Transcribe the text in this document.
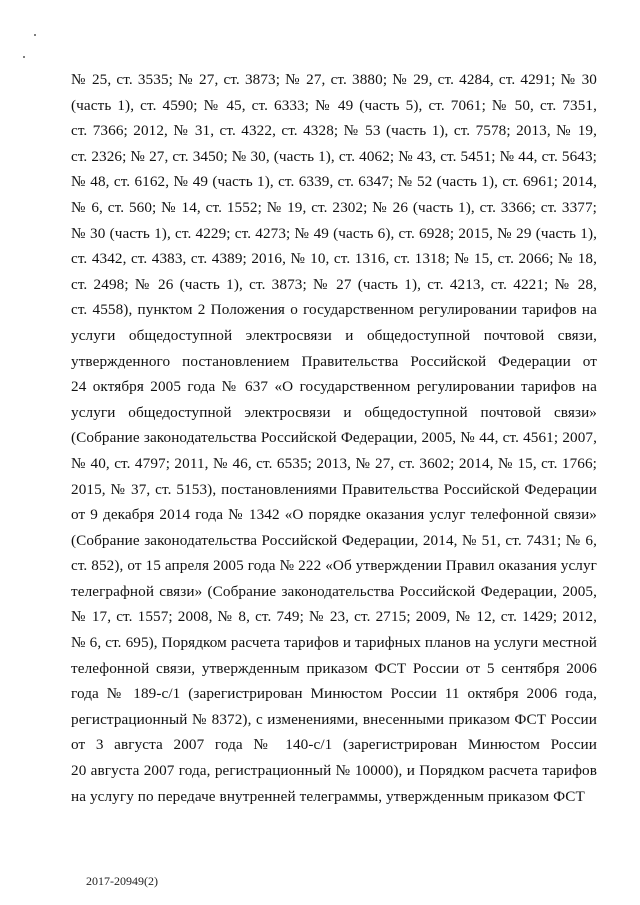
№ 25, ст. 3535; № 27, ст. 3873; № 27, ст. 3880; № 29, ст. 4284, ст. 4291; № 30
(часть 1), ст. 4590; № 45, ст. 6333; № 49 (часть 5), ст. 7061; № 50, ст. 7351,
ст. 7366; 2012, № 31, ст. 4322, ст. 4328; № 53 (часть 1), ст. 7578; 2013, № 19,
ст. 2326; № 27, ст. 3450; № 30, (часть 1), ст. 4062; № 43, ст. 5451; № 44, ст. 5643;
№ 48, ст. 6162, № 49 (часть 1), ст. 6339, ст. 6347; № 52 (часть 1), ст. 6961; 2014,
№ 6, ст. 560; № 14, ст. 1552; № 19, ст. 2302; № 26 (часть 1), ст. 3366; ст. 3377;
№ 30 (часть 1), ст. 4229; ст. 4273; № 49 (часть 6), ст. 6928; 2015, № 29 (часть 1),
ст. 4342, ст. 4383, ст. 4389; 2016, № 10, ст. 1316, ст. 1318; № 15, ст. 2066; № 18,
ст. 2498; № 26 (часть 1), ст. 3873; № 27 (часть 1), ст. 4213, ст. 4221; № 28,
ст. 4558), пунктом 2 Положения о государственном регулировании тарифов на
услуги общедоступной электросвязи и общедоступной почтовой связи,
утвержденного постановлением Правительства Российской Федерации от
24 октября 2005 года № 637 «О государственном регулировании тарифов на
услуги общедоступной электросвязи и общедоступной почтовой связи»
(Собрание законодательства Российской Федерации, 2005, № 44, ст. 4561; 2007,
№ 40, ст. 4797; 2011, № 46, ст. 6535; 2013, № 27, ст. 3602; 2014, № 15, ст. 1766;
2015, № 37, ст. 5153), постановлениями Правительства Российской Федерации
от 9 декабря 2014 года № 1342 «О порядке оказания услуг телефонной связи»
(Собрание законодательства Российской Федерации, 2014, № 51, ст. 7431; № 6,
ст. 852), от 15 апреля 2005 года № 222 «Об утверждении Правил оказания услуг
телеграфной связи» (Собрание законодательства Российской Федерации, 2005,
№ 17, ст. 1557; 2008, № 8, ст. 749; № 23, ст. 2715; 2009, № 12, ст. 1429; 2012,
№ 6, ст. 695), Порядком расчета тарифов и тарифных планов на услуги местной
телефонной связи, утвержденным приказом ФСТ России от 5 сентября 2006
года № 189-с/1 (зарегистрирован Минюстом России 11 октября 2006 года,
регистрационный № 8372), с изменениями, внесенными приказом ФСТ России
от 3 августа 2007 года № 140-с/1 (зарегистрирован Минюстом России
20 августа 2007 года, регистрационный № 10000), и Порядком расчета тарифов
на услугу по передаче внутренней телеграммы, утвержденным приказом ФСТ
2017-20949(2)
